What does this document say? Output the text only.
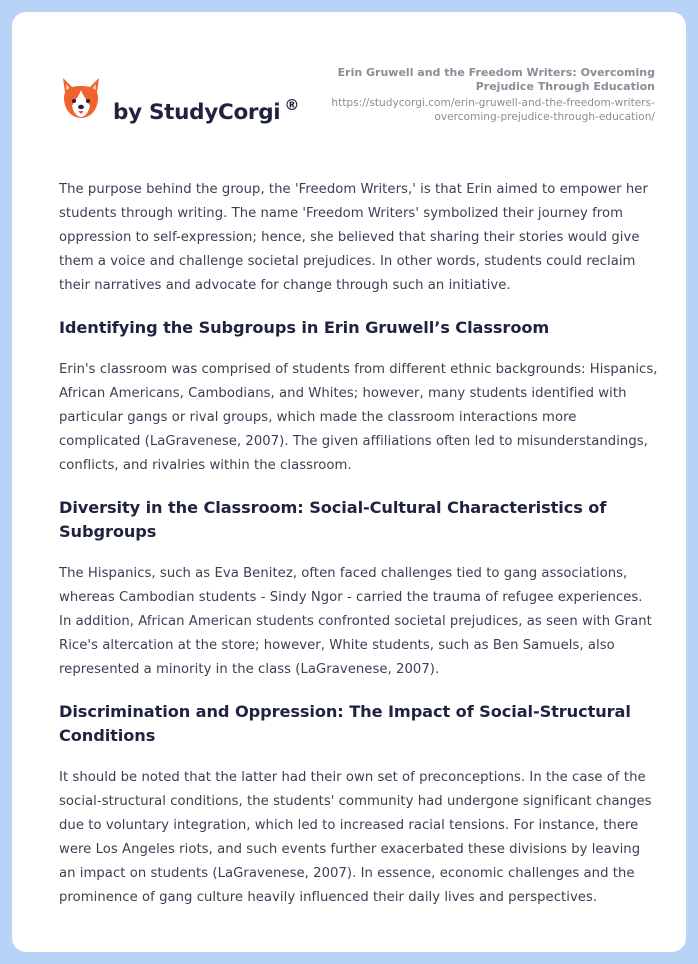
by StudyCorgi ®

Erin Gruwell and the Freedom Writers: Overcoming Prejudice Through Education

https://studycorgi.com/erin-gruwell-and-the-freedom-writers-overcoming-prejudice-through-education/

The purpose behind the group, the 'Freedom Writers,' is that Erin aimed to empower her students through writing. The name 'Freedom Writers' symbolized their journey from oppression to self-expression; hence, she believed that sharing their stories would give them a voice and challenge societal prejudices. In other words, students could reclaim their narratives and advocate for change through such an initiative.

Identifying the Subgroups in Erin Gruwell’s Classroom

Erin's classroom was comprised of students from different ethnic backgrounds: Hispanics, African Americans, Cambodians, and Whites; however, many students identified with particular gangs or rival groups, which made the classroom interactions more complicated (LaGravenese, 2007). The given affiliations often led to misunderstandings, conflicts, and rivalries within the classroom.

Diversity in the Classroom: Social-Cultural Characteristics of Subgroups

The Hispanics, such as Eva Benitez, often faced challenges tied to gang associations, whereas Cambodian students - Sindy Ngor - carried the trauma of refugee experiences. In addition, African American students confronted societal prejudices, as seen with Grant Rice's altercation at the store; however, White students, such as Ben Samuels, also represented a minority in the class (LaGravenese, 2007).

Discrimination and Oppression: The Impact of Social-Structural Conditions

It should be noted that the latter had their own set of preconceptions. In the case of the social-structural conditions, the students' community had undergone significant changes due to voluntary integration, which led to increased racial tensions. For instance, there were Los Angeles riots, and such events further exacerbated these divisions by leaving an impact on students (LaGravenese, 2007). In essence, economic challenges and the prominence of gang culture heavily influenced their daily lives and perspectives.
